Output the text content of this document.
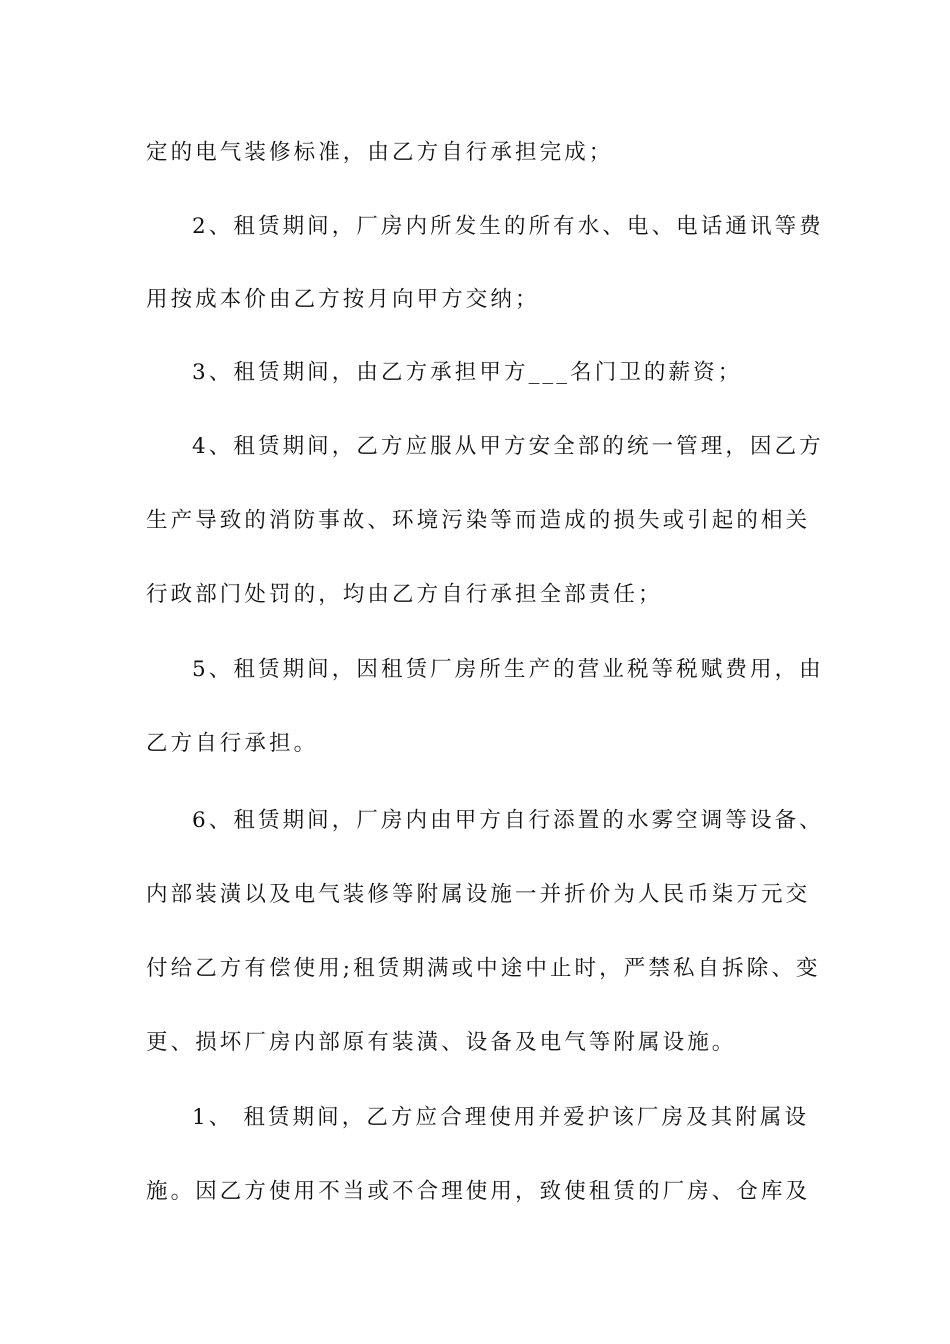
定的电气装修标准，由乙方自行承担完成；
2、租赁期间，厂房内所发生的所有水、电、电话通讯等费
用按成本价由乙方按月向甲方交纳；
3、租赁期间，由乙方承担甲方___名门卫的薪资；
4、租赁期间，乙方应服从甲方安全部的统一管理，因乙方
生产导致的消防事故、环境污染等而造成的损失或引起的相关
行政部门处罚的，均由乙方自行承担全部责任；
5、租赁期间，因租赁厂房所生产的营业税等税赋费用，由
乙方自行承担。
6、租赁期间，厂房内由甲方自行添置的水雾空调等设备、
内部装潢以及电气装修等附属设施一并折价为人民币柒万元交
付给乙方有偿使用;租赁期满或中途中止时，严禁私自拆除、变
更、损坏厂房内部原有装潢、设备及电气等附属设施。
1、 租赁期间，乙方应合理使用并爱护该厂房及其附属设
施。因乙方使用不当或不合理使用，致使租赁的厂房、仓库及
